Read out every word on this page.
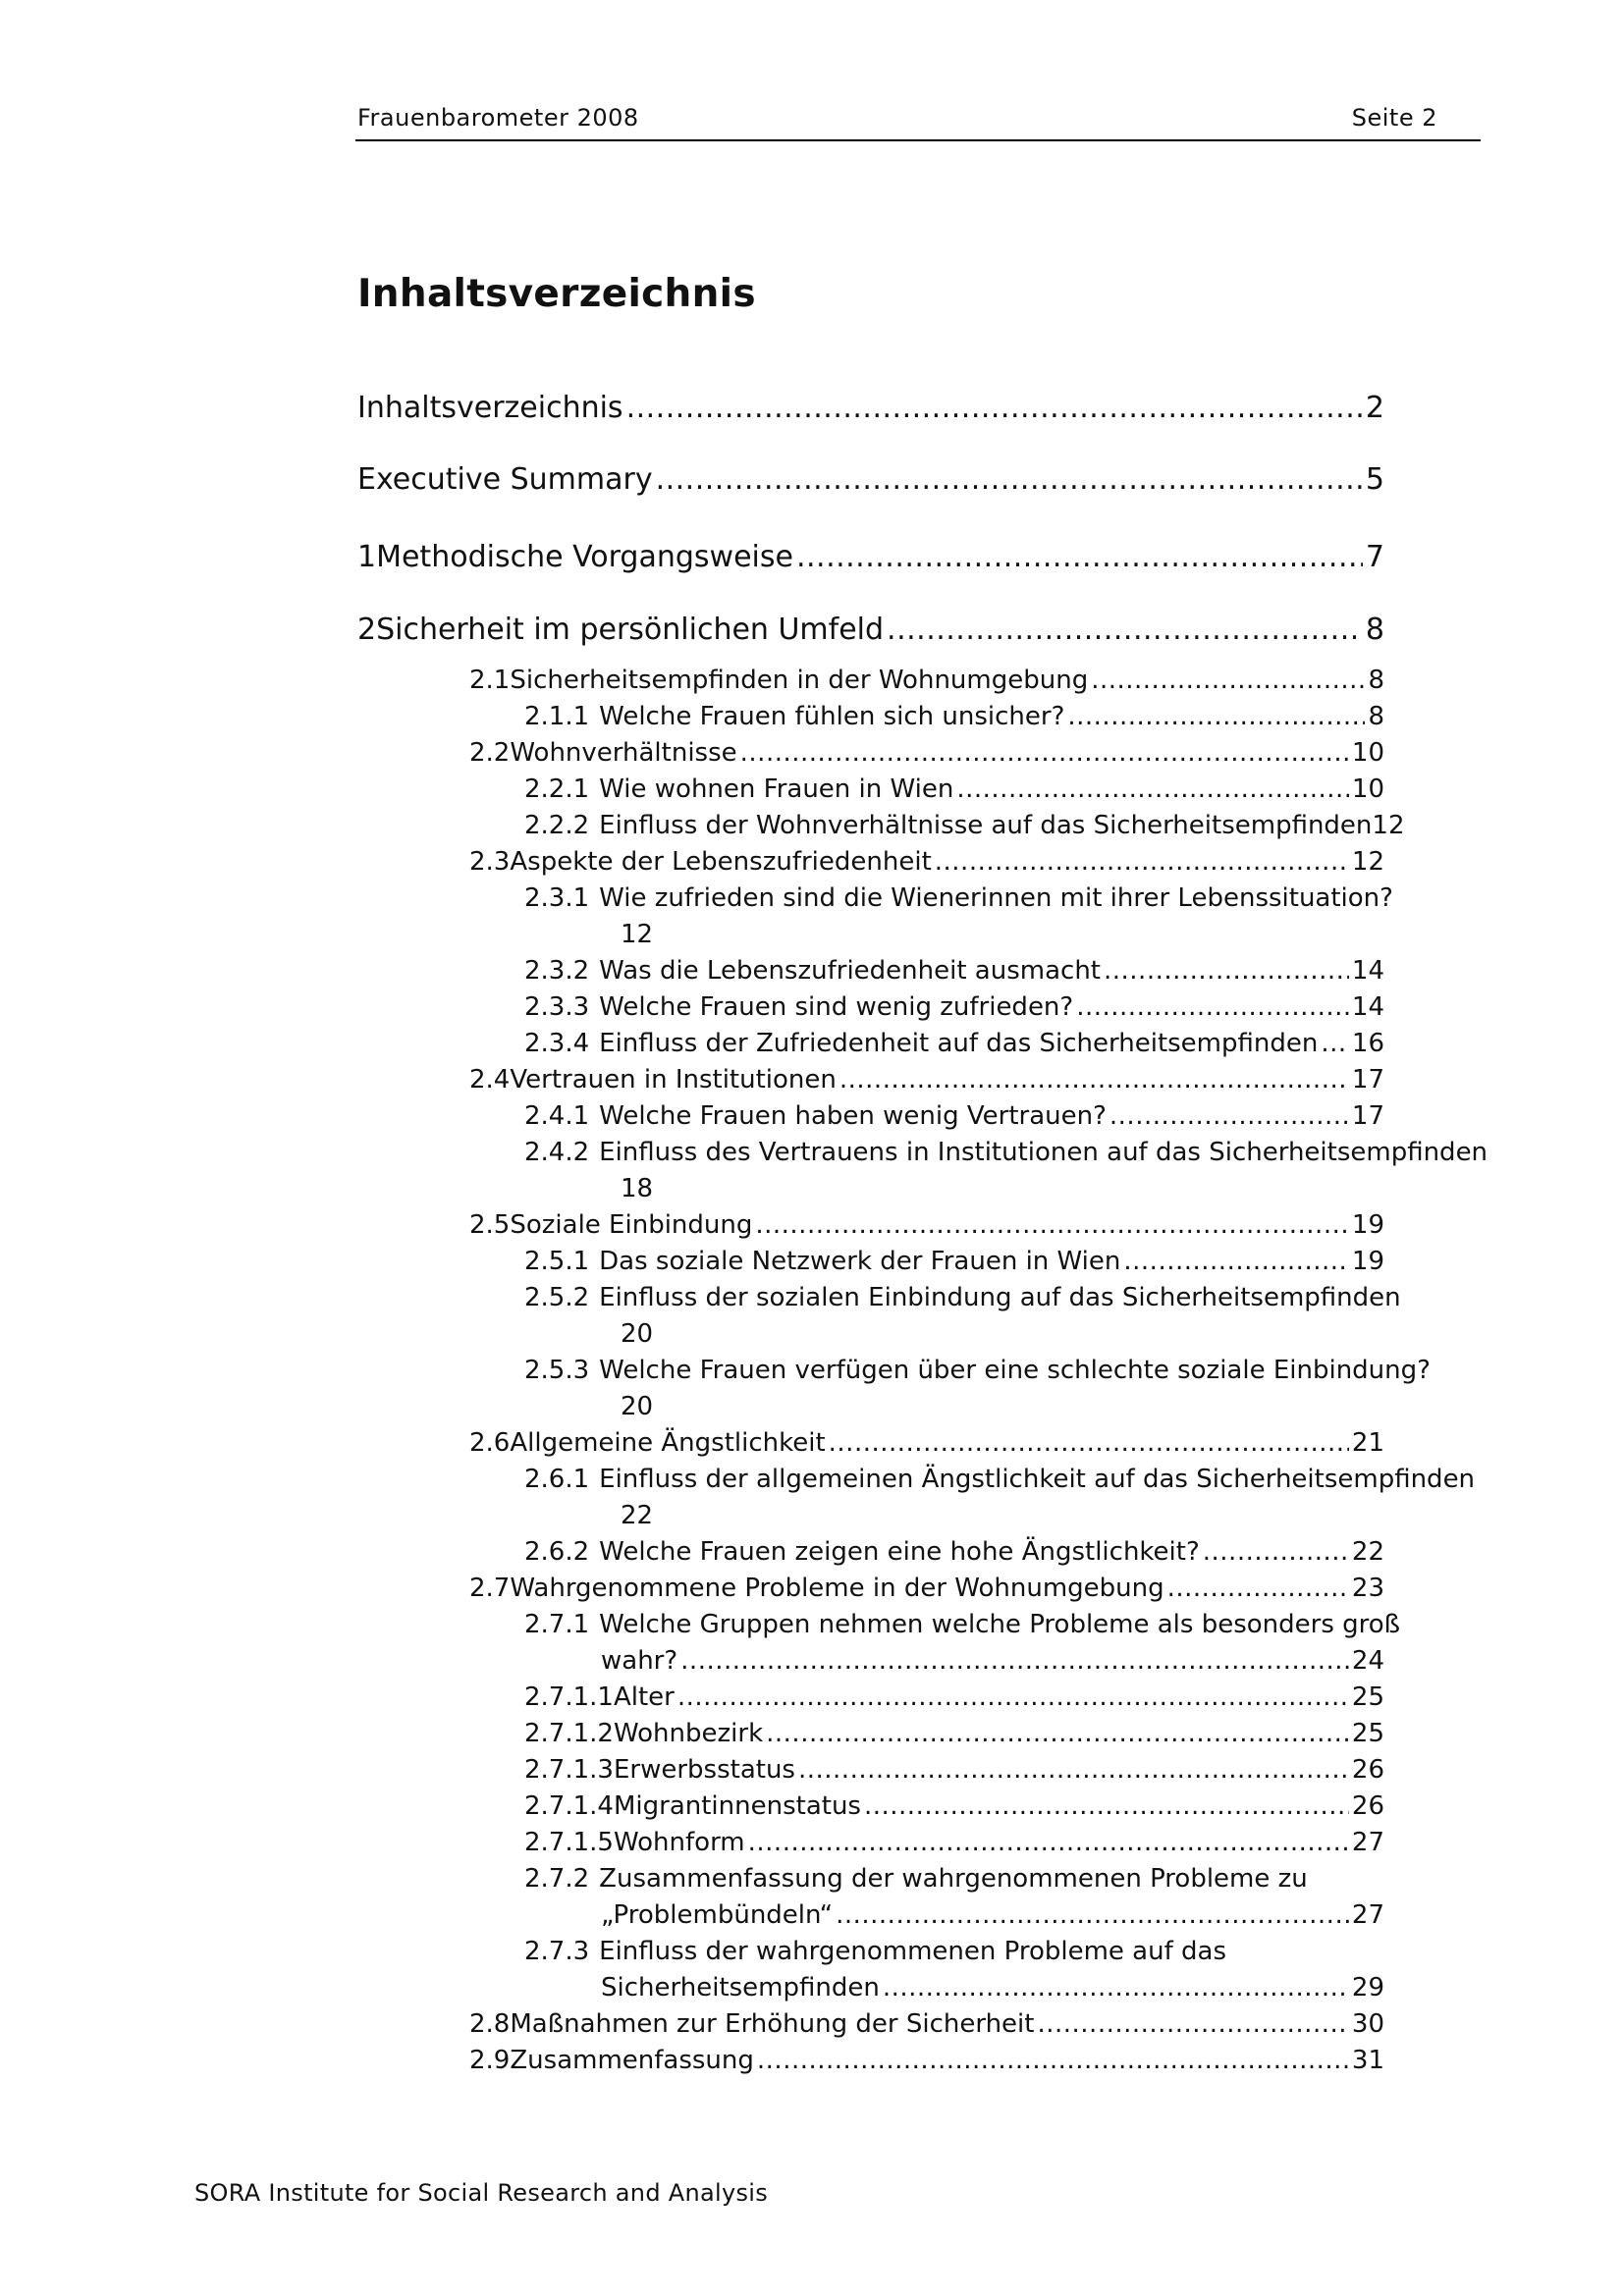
Frauenbarometer 2008	Seite 2
Inhaltsverzeichnis
Inhaltsverzeichnis .....	2
Executive Summary .....	5
1 Methodische Vorgangsweise .....	7
2 Sicherheit im persönlichen Umfeld .....	8
2.1 Sicherheitsempfinden in der Wohnumgebung .....	8
2.1.1 Welche Frauen fühlen sich unsicher? .....	8
2.2 Wohnverhältnisse .....	10
2.2.1 Wie wohnen Frauen in Wien .....	10
2.2.2 Einfluss der Wohnverhältnisse auf das Sicherheitsempfinden 12
2.3 Aspekte der Lebenszufriedenheit .....	12
2.3.1 Wie zufrieden sind die Wienerinnen mit ihrer Lebenssituation?
12
2.3.2 Was die Lebenszufriedenheit ausmacht .....	14
2.3.3 Welche Frauen sind wenig zufrieden? .....	14
2.3.4 Einfluss der Zufriedenheit auf das Sicherheitsempfinden ..... 16
2.4 Vertrauen in Institutionen .....	17
2.4.1 Welche Frauen haben wenig Vertrauen? .....	17
2.4.2 Einfluss des Vertrauens in Institutionen auf das Sicherheitsempfinden
18
2.5 Soziale Einbindung .....	19
2.5.1 Das soziale Netzwerk der Frauen in Wien .....	19
2.5.2 Einfluss der sozialen Einbindung auf das Sicherheitsempfinden
20
2.5.3 Welche Frauen verfügen über eine schlechte soziale Einbindung?
20
2.6 Allgemeine Ängstlichkeit .....	21
2.6.1 Einfluss der allgemeinen Ängstlichkeit auf das Sicherheitsempfinden
22
2.6.2 Welche Frauen zeigen eine hohe Ängstlichkeit? .....	22
2.7 Wahrgenommene Probleme in der Wohnumgebung .....	23
2.7.1 Welche Gruppen nehmen welche Probleme als besonders groß
wahr? .....	24
2.7.1.1 Alter .....	25
2.7.1.2 Wohnbezirk .....	25
2.7.1.3 Erwerbsstatus .....	26
2.7.1.4 Migrantinnenstatus .....	26
2.7.1.5 Wohnform .....	27
2.7.2 Zusammenfassung der wahrgenommenen Probleme zu
„Problembündeln“ .....	27
2.7.3 Einfluss der wahrgenommenen Probleme auf das
Sicherheitsempfinden .....	29
2.8 Maßnahmen zur Erhöhung der Sicherheit .....	30
2.9 Zusammenfassung .....	31
SORA Institute for Social Research and Analysis
